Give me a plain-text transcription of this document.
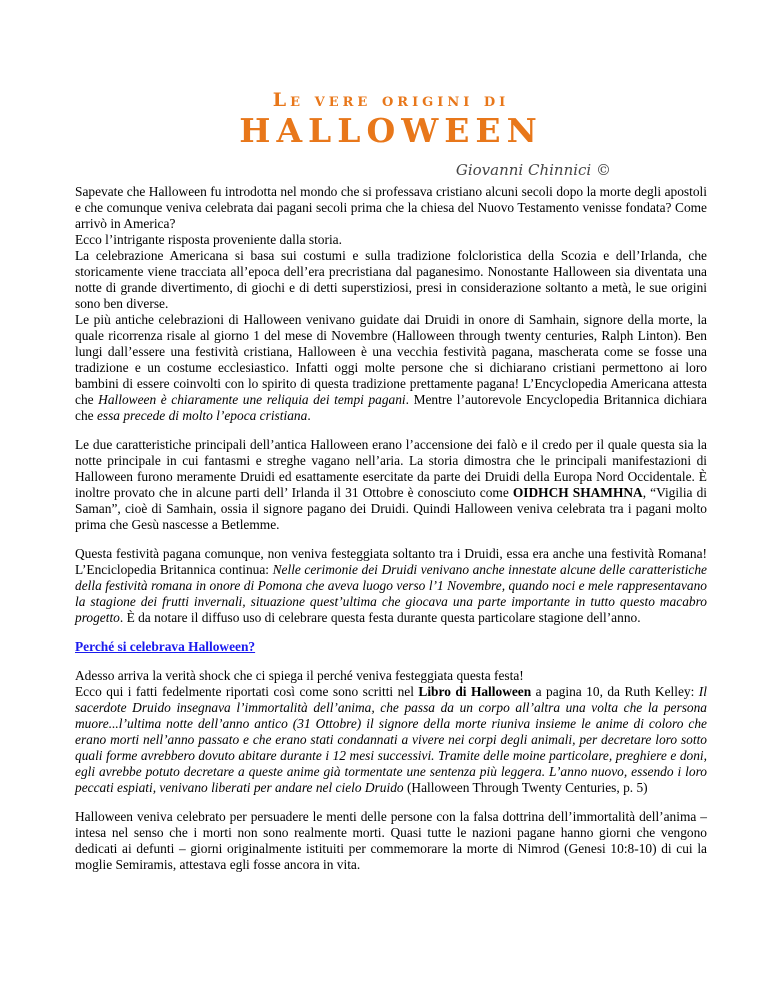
Le vere origini di
HALLOWEEN
Giovanni Chinnici ©

Sapevate che Halloween fu introdotta nel mondo che si professava cristiano alcuni secoli dopo la morte degli apostoli e che comunque veniva celebrata dai pagani secoli prima che la chiesa del Nuovo Testamento venisse fondata? Come arrivò in America?

Ecco l’intrigante risposta proveniente dalla storia.

La celebrazione Americana si basa sui costumi e sulla tradizione folcloristica della Scozia e dell’Irlanda, che storicamente viene tracciata all’epoca dell’era precristiana dal paganesimo. Nonostante Halloween sia diventata una notte di grande divertimento, di giochi e di detti superstiziosi, presi in considerazione soltanto a metà, le sue origini sono ben diverse.

Le più antiche celebrazioni di Halloween venivano guidate dai Druidi in onore di Samhain, signore della morte, la quale ricorrenza risale al giorno 1 del mese di Novembre (Halloween through twenty centuries, Ralph Linton). Ben lungi dall’essere una festività cristiana, Halloween è una vecchia festività pagana, mascherata come se fosse una tradizione e un costume ecclesiastico. Infatti oggi molte persone che si dichiarano cristiani permettono ai loro bambini di essere coinvolti con lo spirito di questa tradizione prettamente pagana! L’Encyclopedia Americana attesta che Halloween è chiaramente une reliquia dei tempi pagani. Mentre l’autorevole Encyclopedia Britannica dichiara che essa precede di molto l’epoca cristiana.

Le due caratteristiche principali dell’antica Halloween erano l’accensione dei falò e il credo per il quale questa sia la notte principale in cui fantasmi e streghe vagano nell’aria. La storia dimostra che le principali manifestazioni di Halloween furono meramente Druidi ed esattamente esercitate da parte dei Druidi della Europa Nord Occidentale. È inoltre provato che in alcune parti dell’ Irlanda il 31 Ottobre è conosciuto come OIDHCH SHAMHNA, “Vigilia di Saman”, cioè di Samhain, ossia il signore pagano dei Druidi. Quindi Halloween veniva celebrata tra i pagani molto prima che Gesù nascesse a Betlemme.

Questa festività pagana comunque, non veniva festeggiata soltanto tra i Druidi, essa era anche una festività Romana! L’Enciclopedia Britannica continua: Nelle cerimonie dei Druidi venivano anche innestate alcune delle caratteristiche della festività romana in onore di Pomona che aveva luogo verso l’1 Novembre, quando noci e mele rappresentavano la stagione dei frutti invernali, situazione quest’ultima che giocava una parte importante in tutto questo macabro progetto. È da notare il diffuso uso di celebrare questa festa durante questa particolare stagione dell’anno.

Perché si celebrava Halloween?

Adesso arriva la verità shock che ci spiega il perché veniva festeggiata questa festa!

Ecco qui i fatti fedelmente riportati così come sono scritti nel Libro di Halloween a pagina 10, da Ruth Kelley: Il sacerdote Druido insegnava l’immortalità dell’anima, che passa da un corpo all’altra una volta che la persona muore...l’ultima notte dell’anno antico (31 Ottobre) il signore della morte riuniva insieme le anime di coloro che erano morti nell’anno passato e che erano stati condannati a vivere nei corpi degli animali, per decretare loro sotto quali forme avrebbero dovuto abitare durante i 12 mesi successivi. Tramite delle moine particolare, preghiere e doni, egli avrebbe potuto decretare a queste anime già tormentate une sentenza più leggera. L’anno nuovo, essendo i loro peccati espiati, venivano liberati per andare nel cielo Druido (Halloween Through Twenty Centuries, p. 5)

Halloween veniva celebrato per persuadere le menti delle persone con la falsa dottrina dell’immortalità dell’anima – intesa nel senso che i morti non sono realmente morti. Quasi tutte le nazioni pagane hanno giorni che vengono dedicati ai defunti – giorni originalmente istituiti per commemorare la morte di Nimrod (Genesi 10:8-10) di cui la moglie Semiramis, attestava egli fosse ancora in vita.
